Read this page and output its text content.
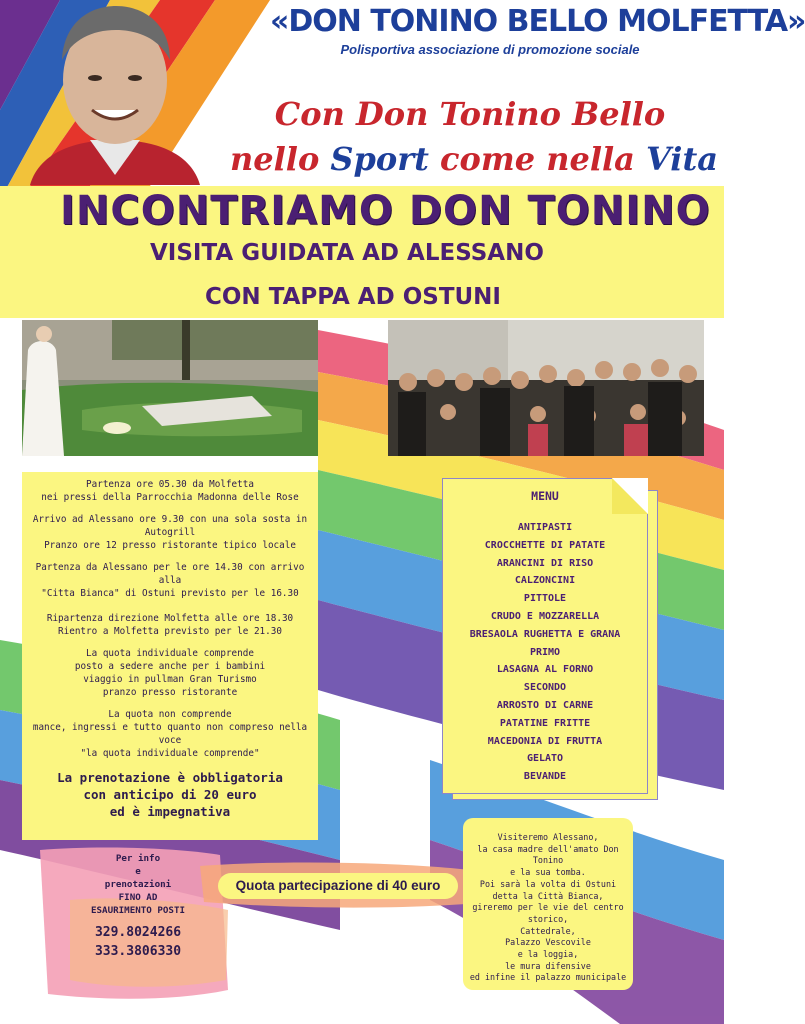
«DON TONINO BELLO MOLFETTA»
Polisportiva associazione di promozione sociale
Con Don Tonino Bello
nello Sport come nella Vita
INCONTRIAMO DON TONINO
VISITA GUIDATA AD ALESSANO
CON TAPPA AD OSTUNI

Partenza ore 05.30 da Molfetta
nei pressi della Parrocchia Madonna delle Rose

Arrivo ad Alessano ore 9.30 con una sola sosta in
Autogrill
Pranzo ore 12 presso ristorante tipico locale

Partenza da Alessano per le ore 14.30 con arrivo alla
"Citta Bianca" di Ostuni previsto per le 16.30

Ripartenza direzione Molfetta alle ore 18.30
Rientro a Molfetta previsto per le 21.30

La quota individuale comprende
posto a sedere anche per i bambini
viaggio in pullman Gran Turismo
pranzo presso ristorante

La quota non comprende
mance, ingressi e tutto quanto non compreso nella voce
"la quota individuale comprende"

La prenotazione è obbligatoria
con anticipo di 20 euro
ed è impegnativa

MENU
ANTIPASTI
CROCCHETTE DI PATATE
ARANCINI DI RISO
CALZONCINI
PITTOLE
CRUDO E MOZZARELLA
BRESAOLA RUGHETTA E GRANA
PRIMO
LASAGNA AL FORNO
SECONDO
ARROSTO DI CARNE
PATATINE FRITTE
MACEDONIA DI FRUTTA
GELATO
BEVANDE
Visiteremo Alessano,
la casa madre dell'amato Don Tonino
e la sua tomba.
Poi sarà la volta di Ostuni
detta la Città Bianca,
gireremo per le vie del centro storico,
Cattedrale,
Palazzo Vescovile
e la loggia,
le mura difensive
ed infine il palazzo municipale
Per info
e
prenotazioni
FINO AD
ESAURIMENTO POSTI
329.8024266
333.3806330
Quota partecipazione di 40 euro
